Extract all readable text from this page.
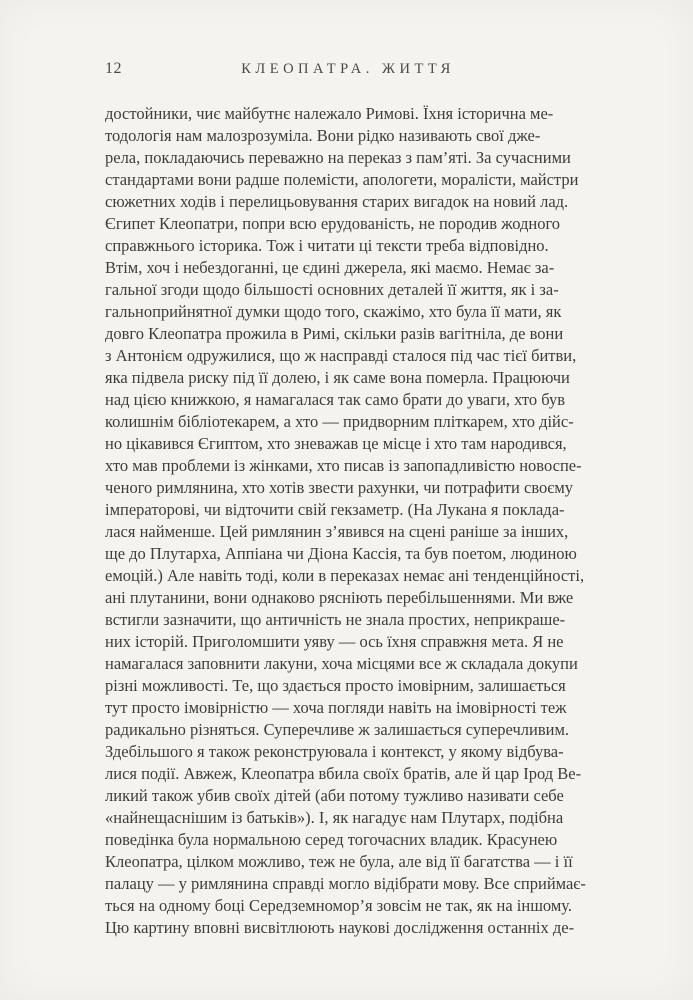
12	КЛЕОПАТРА. ЖИТТЯ
достойники, чиє майбутнє належало Римові. Їхня історична ме-
тодологія нам малозрозуміла. Вони рідко називають свої дже-
рела, покладаючись переважно на переказ з пам’яті. За сучасними
стандартами вони радше полемісти, апологети, моралісти, майстри
сюжетних ходів і перелицьовування старих вигадок на новий лад.
Єгипет Клеопатри, попри всю ерудованість, не породив жодного
справжнього історика. Тож і читати ці тексти треба відповідно.
Втім, хоч і небездоганні, це єдині джерела, які маємо. Немає за-
гальної згоди щодо більшості основних деталей її життя, як і за-
гальноприйнятної думки щодо того, скажімо, хто була її мати, як
довго Клеопатра прожила в Римі, скільки разів вагітніла, де вони
з Антонієм одружилися, що ж насправді сталося під час тієї битви,
яка підвела риску під її долею, і як саме вона померла. Працюючи
над цією книжкою, я намагалася так само брати до уваги, хто був
колишнім бібліотекарем, а хто — придворним пліткарем, хто дійс-
но цікавився Єгиптом, хто зневажав це місце і хто там народився,
хто мав проблеми із жінками, хто писав із запопадливістю новоспе-
ченого римлянина, хто хотів звести рахунки, чи потрафити своєму
імператорові, чи відточити свій гекзаметр. (На Лукана я поклада-
лася найменше. Цей римлянин з’явився на сцені раніше за інших,
ще до Плутарха, Аппіана чи Діона Кассія, та був поетом, людиною
емоцій.) Але навіть тоді, коли в переказах немає ані тенденційності,
ані плутанини, вони однаково рясніють перебільшеннями. Ми вже
встигли зазначити, що античність не знала простих, неприкраше-
них історій. Приголомшити уяву — ось їхня справжня мета. Я не
намагалася заповнити лакуни, хоча місцями все ж складала докупи
різні можливості. Те, що здається просто імовірним, залишається
тут просто імовірністю — хоча погляди навіть на імовірності теж
радикально різняться. Суперечливе ж залишається суперечливим.
Здебільшого я також реконструювала і контекст, у якому відбува-
лися події. Авжеж, Клеопатра вбила своїх братів, але й цар Ірод Ве-
ликий також убив своїх дітей (аби потому тужливо називати себе
«найнещаснішим із батьків»). І, як нагадує нам Плутарх, подібна
поведінка була нормальною серед тогочасних владик. Красунею
Клеопатра, цілком можливо, теж не була, але від її багатства — і її
палацу — у римлянина справді могло відібрати мову. Все сприймає-
ться на одному боці Середземномор’я зовсім не так, як на іншому.
Цю картину вповні висвітлюють наукові дослідження останніх де-
